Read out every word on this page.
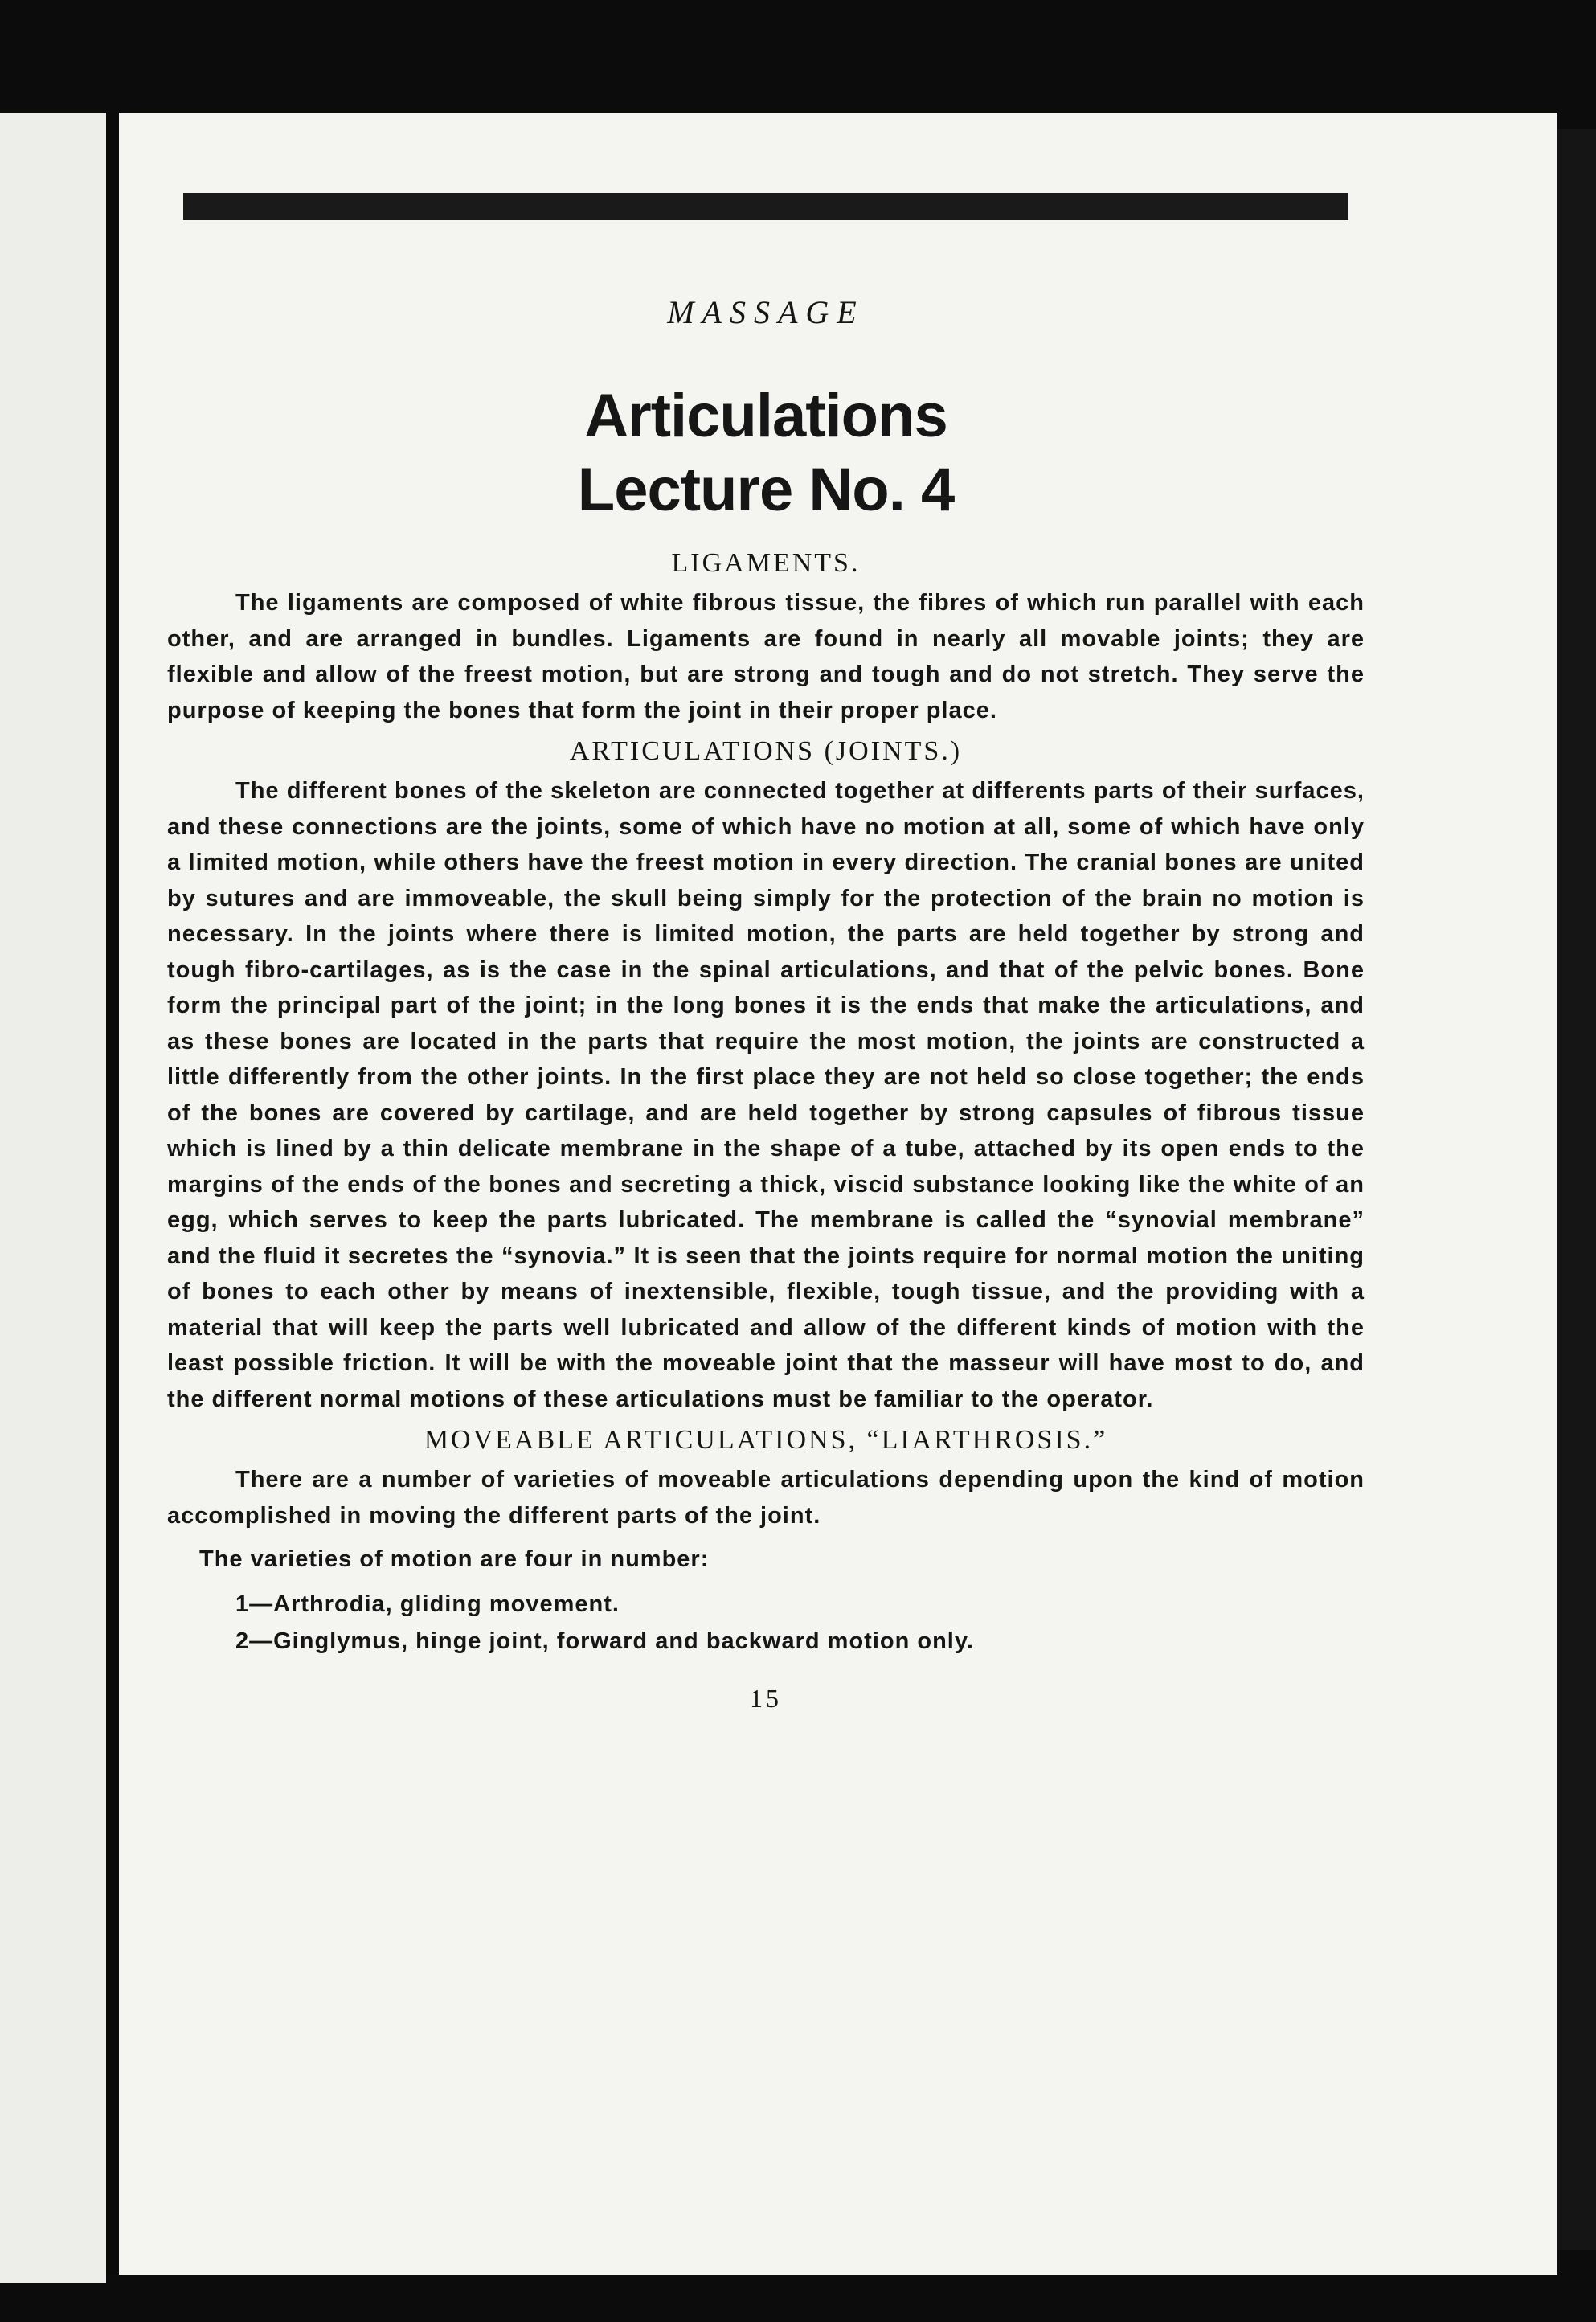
MASSAGE
Articulations
Lecture No. 4
LIGAMENTS.

The ligaments are composed of white fibrous tissue, the fibres of which run parallel with each other, and are arranged in bundles. Ligaments are found in nearly all movable joints; they are flexible and allow of the freest motion, but are strong and tough and do not stretch. They serve the purpose of keeping the bones that form the joint in their proper place.

ARTICULATIONS (JOINTS.)

The different bones of the skeleton are connected together at differents parts of their surfaces, and these connections are the joints, some of which have no motion at all, some of which have only a limited motion, while others have the freest motion in every direction. The cranial bones are united by sutures and are immoveable, the skull being simply for the protection of the brain no motion is necessary. In the joints where there is limited motion, the parts are held together by strong and tough fibro-cartilages, as is the case in the spinal articulations, and that of the pelvic bones. Bone form the principal part of the joint; in the long bones it is the ends that make the articulations, and as these bones are located in the parts that require the most motion, the joints are constructed a little differently from the other joints. In the first place they are not held so close together; the ends of the bones are covered by cartilage, and are held together by strong capsules of fibrous tissue which is lined by a thin delicate membrane in the shape of a tube, attached by its open ends to the margins of the ends of the bones and secreting a thick, viscid substance looking like the white of an egg, which serves to keep the parts lubricated. The membrane is called the “synovial membrane” and the fluid it secretes the “synovia.” It is seen that the joints require for normal motion the uniting of bones to each other by means of inextensible, flexible, tough tissue, and the providing with a material that will keep the parts well lubricated and allow of the different kinds of motion with the least possible friction. It will be with the moveable joint that the masseur will have most to do, and the different normal motions of these articulations must be familiar to the operator.

MOVEABLE ARTICULATIONS, “LIARTHROSIS.”

There are a number of varieties of moveable articulations depending upon the kind of motion accomplished in moving the different parts of the joint.

The varieties of motion are four in number:

1—Arthrodia, gliding movement.
2—Ginglymus, hinge joint, forward and backward motion only.
15
